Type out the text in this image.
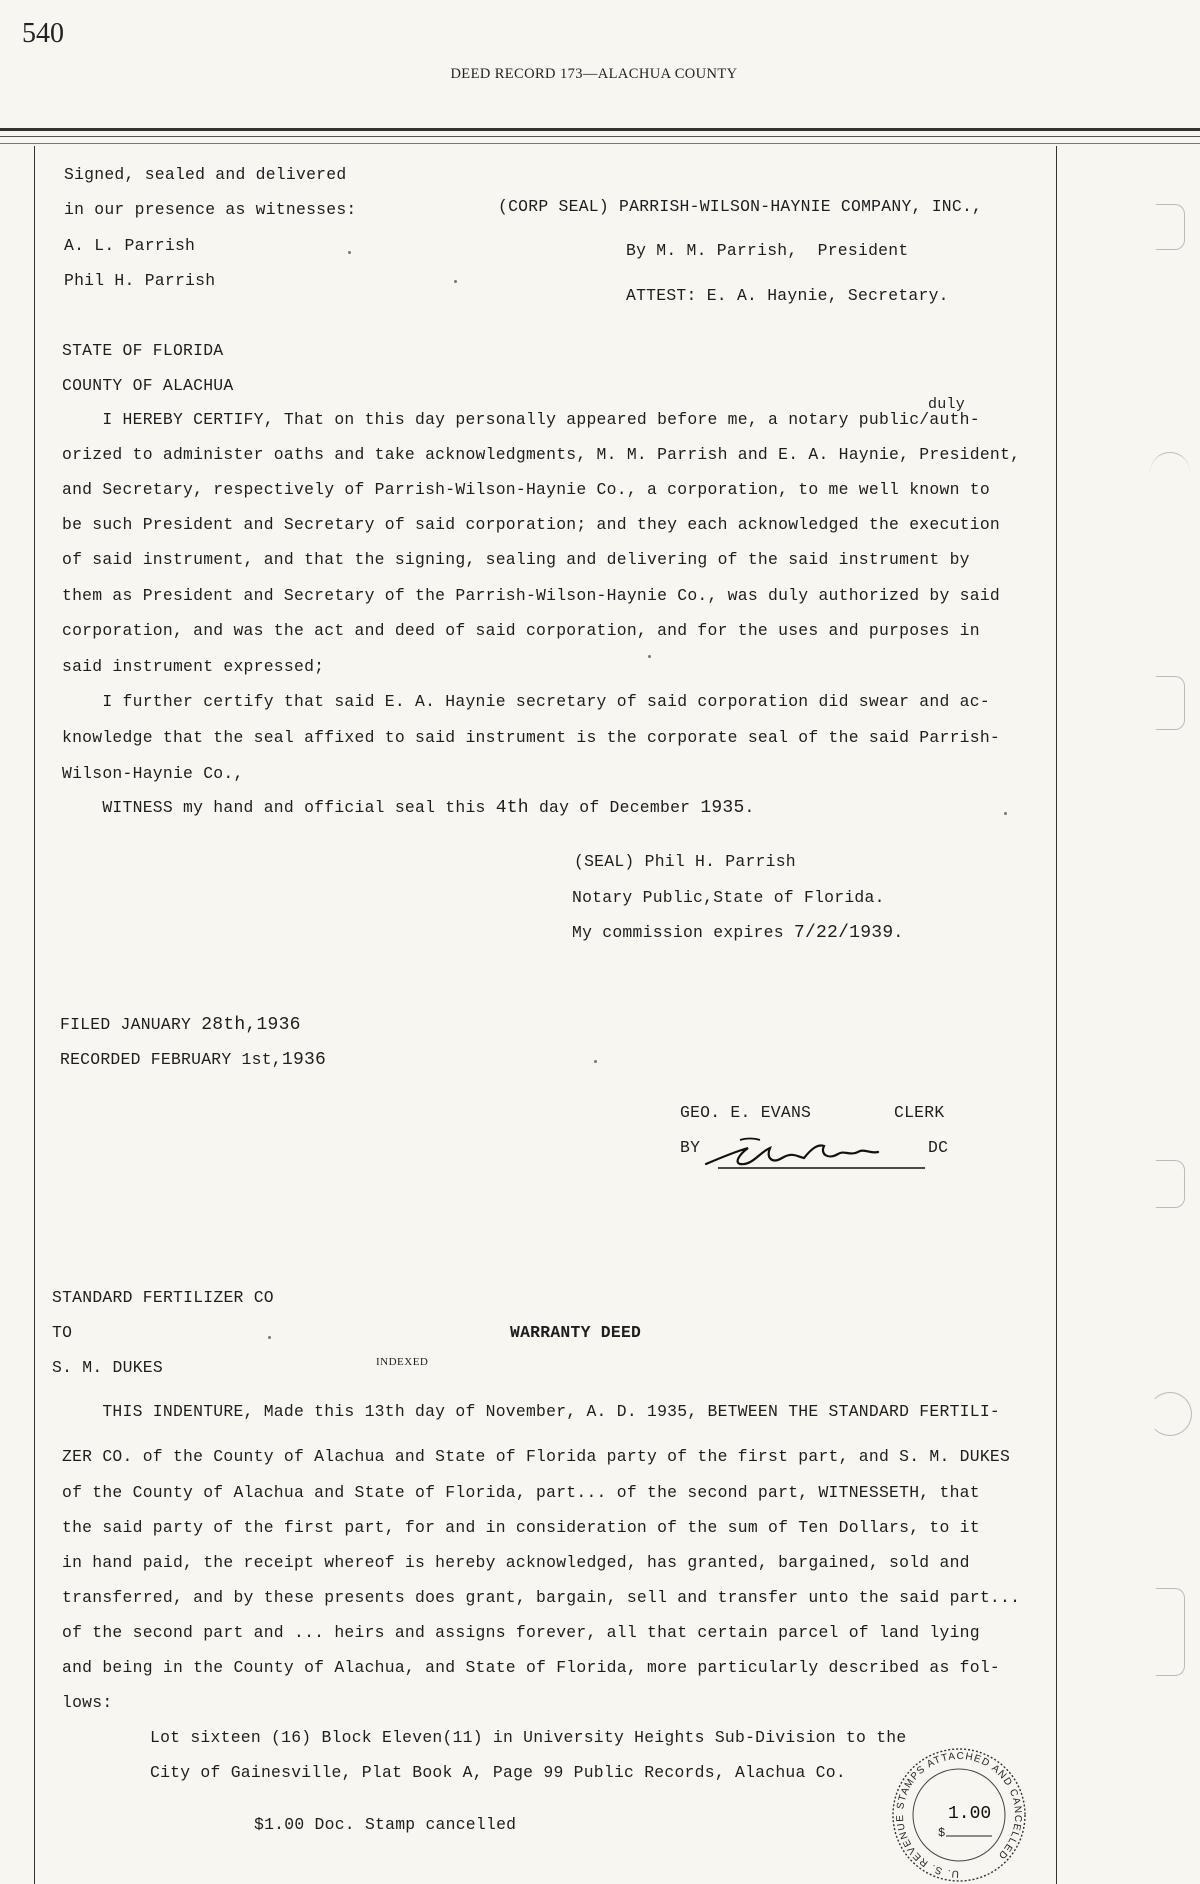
540
DEED RECORD 173—ALACHUA COUNTY
Signed, sealed and delivered
in our presence as witnesses:
A. L. Parrish
Phil H. Parrish
(CORP SEAL) PARRISH-WILSON-HAYNIE COMPANY, INC.,
By M. M. Parrish,  President
ATTEST: E. A. Haynie, Secretary.
STATE OF FLORIDA
COUNTY OF ALACHUA
duly
I HEREBY CERTIFY, That on this day personally appeared before me, a notary public/auth-
orized to administer oaths and take acknowledgments, M. M. Parrish and E. A. Haynie, President,
and Secretary, respectively of Parrish-Wilson-Haynie Co., a corporation, to me well known to
be such President and Secretary of said corporation; and they each acknowledged the execution
of said instrument, and that the signing, sealing and delivering of the said instrument by
them as President and Secretary of the Parrish-Wilson-Haynie Co., was duly authorized by said
corporation, and was the act and deed of said corporation, and for the uses and purposes in
said instrument expressed;
I further certify that said E. A. Haynie secretary of said corporation did swear and ac-
knowledge that the seal affixed to said instrument is the corporate seal of the said Parrish-
Wilson-Haynie Co.,
WITNESS my hand and official seal this 4th day of December 1935.
(SEAL) Phil H. Parrish
Notary Public,State of Florida.
My commission expires 7/22/1939.
FILED JANUARY 28th,1936
RECORDED FEBRUARY 1st,1936
GEO. E. EVANS	CLERK
BY	DC
STANDARD FERTILIZER CO
TO
S. M. DUKES	INDEXED
WARRANTY DEED
THIS INDENTURE, Made this 13th day of November, A. D. 1935, BETWEEN THE STANDARD FERTILI-
ZER CO. of the County of Alachua and State of Florida party of the first part, and S. M. DUKES
of the County of Alachua and State of Florida, part... of the second part, WITNESSETH, that
the said party of the first part, for and in consideration of the sum of Ten Dollars, to it
in hand paid, the receipt whereof is hereby acknowledged, has granted, bargained, sold and
transferred, and by these presents does grant, bargain, sell and transfer unto the said part...
of the second part and ... heirs and assigns forever, all that certain parcel of land lying
and being in the County of Alachua, and State of Florida, more particularly described as fol-
lows:
Lot sixteen (16) Block Eleven(11) in University Heights Sub-Division to the
City of Gainesville, Plat Book A, Page 99 Public Records, Alachua Co.
$1.00 Doc. Stamp cancelled
U. S. REVENUE STAMPS ATTACHED AND CANCELLED
$
1.00
